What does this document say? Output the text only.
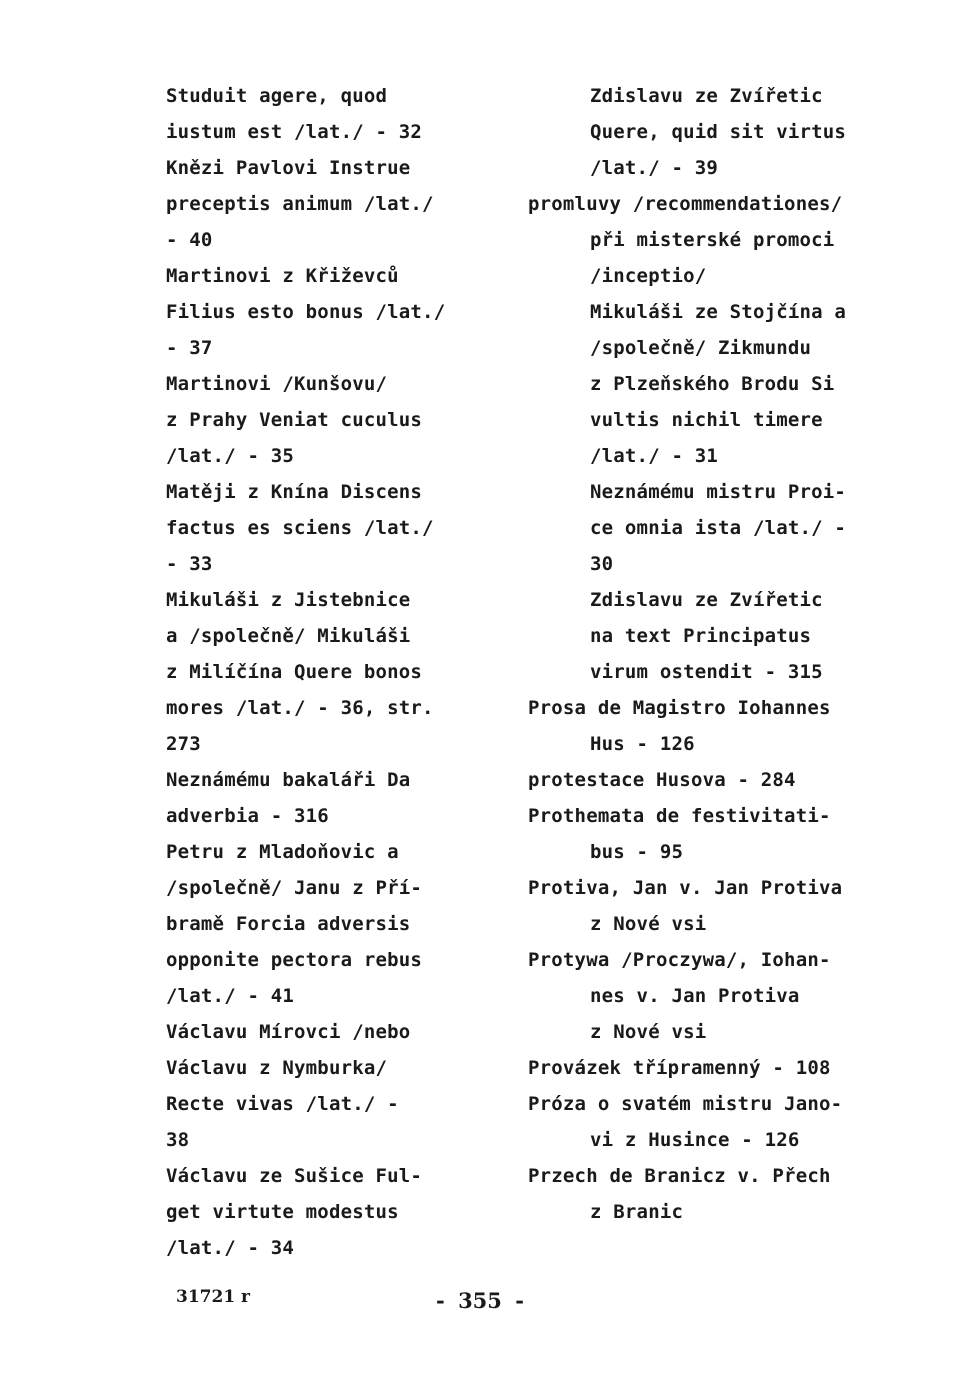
Studuit agere, quod
iustum est /lat./ - 32
Knězi Pavlovi Instrue
preceptis animum /lat./
- 40
Martinovi z Křiževců
Filius esto bonus /lat./
- 37
Martinovi /Kunšovu/
z Prahy Veniat cuculus
/lat./ - 35
Matěji z Knína Discens
factus es sciens /lat./
- 33
Mikuláši z Jistebnice
a /společně/ Mikuláši
z Milíčína Quere bonos
mores /lat./ - 36, str.
273
Neznámému bakaláři Da
adverbia - 316
Petru z Mladoňovic a
/společně/ Janu z Pří-
bramě Forcia adversis
opponite pectora rebus
/lat./ - 41
Václavu Mírovci /nebo
Václavu z Nymburka/
Recte vivas /lat./ -
38
Václavu ze Sušice Ful-
get virtute modestus
/lat./ - 34
Zdislavu ze Zvířetic
Quere, quid sit virtus
/lat./ - 39
promluvy /recommendationes/
při misterské promoci
/inceptio/
Mikuláši ze Stojčína a
/společně/ Zikmundu
z Plzeňského Brodu Si
vultis nichil timere
/lat./ - 31
Neznámému mistru Proi-
ce omnia ista /lat./ -
30
Zdislavu ze Zvířetic
na text Principatus
virum ostendit - 315
Prosa de Magistro Iohannes
Hus - 126
protestace Husova - 284
Prothemata de festivitati-
bus - 95
Protiva, Jan v. Jan Protiva
z Nové vsi
Protywa /Proczywa/, Iohan-
nes v. Jan Protiva
z Nové vsi
Provázek třípramenný - 108
Próza o svatém mistru Jano-
vi z Husince - 126
Przech de Branicz v. Přech
z Branic
31721 r	- 355 -
